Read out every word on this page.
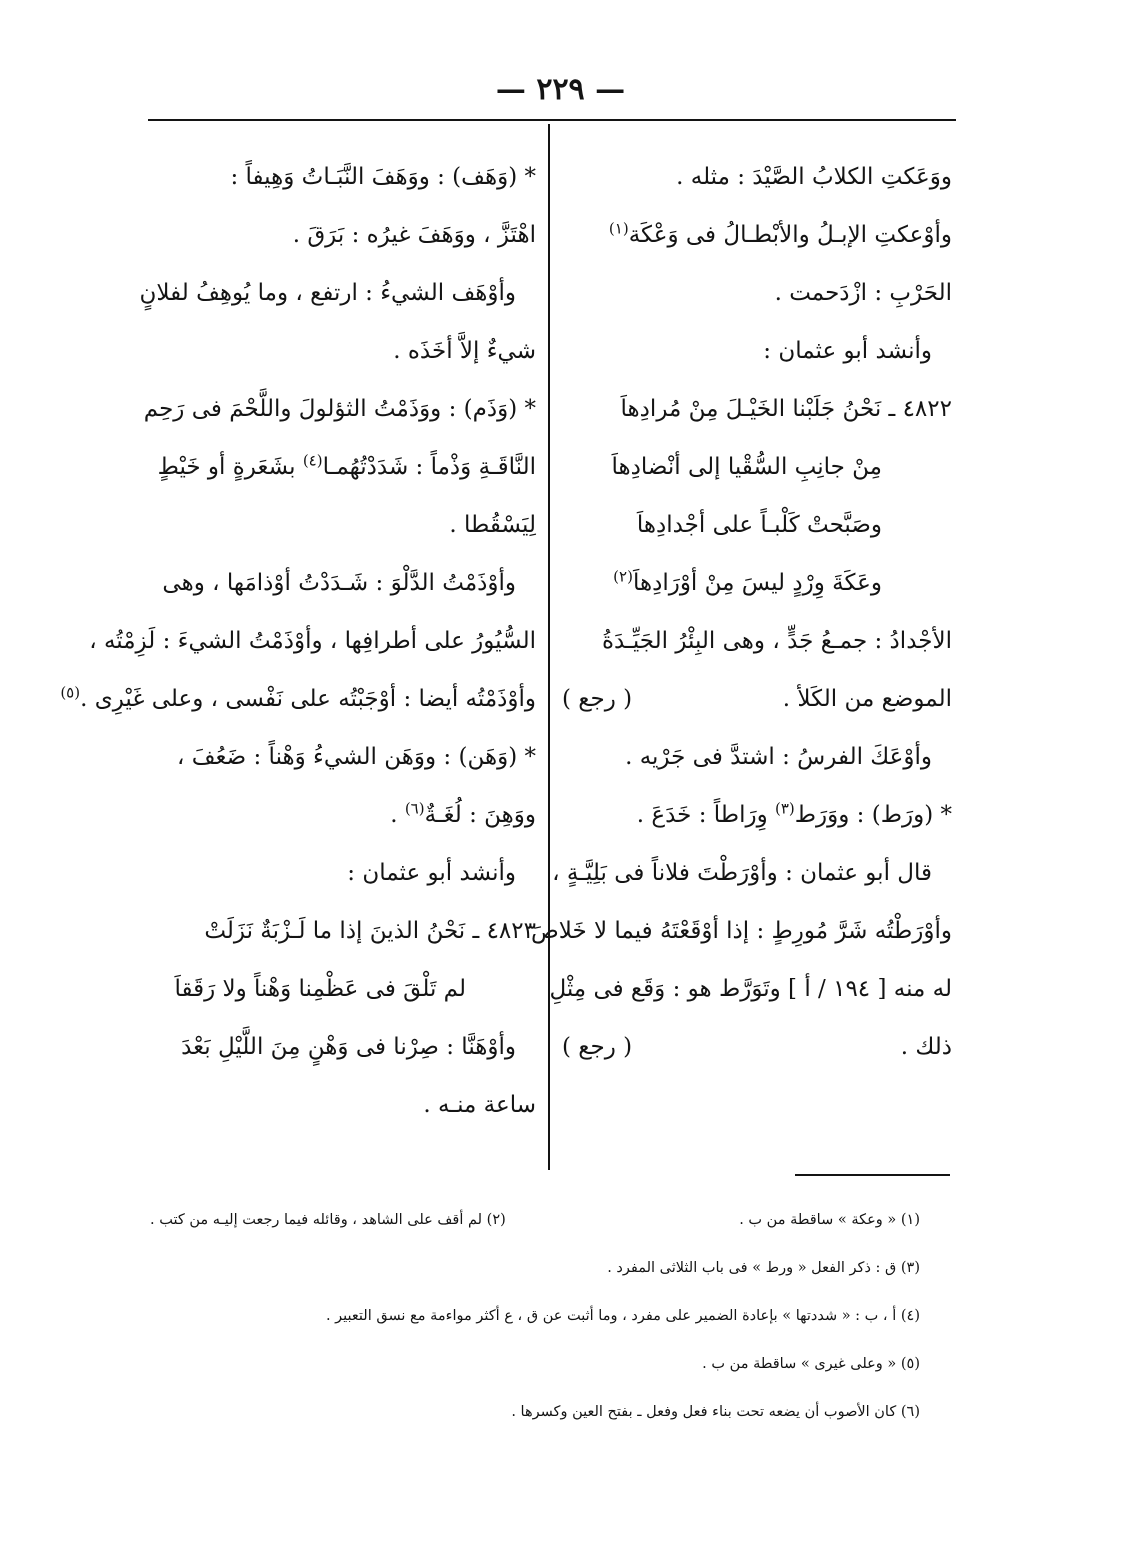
— ٢٢٩ —
ووَعَكتِ الكلابُ الصَّيْدَ : مثله .
وأوْعكتِ الإبـلُ والأبْطـالُ فى وَعْكَة$^{(١)}$
الحَرْبِ : ازْدَحمت .
وأنشد أبو عثمان :
٤٨٢٢ ـ نَحْنُ جَلَبْنا الخَيْـلَ مِنْ مُرادِهاَ
مِنْ جانِبِ السُّقْيا إلى أنْضادِهاَ
وصَبَّحتْ كَلْبـاً على أجْدادِهاَ
وعَكَةَ وِرْدٍ ليسَ مِنْ أوْرَادِهاَ$^{(٢)}$
الأجْدادُ : جمـعُ جَدٍّ ، وهى البِئْرُ الجَيِّـدَةُ
الموضع من الكَلأ .
( رجع )
وأوْعَكَ الفرسُ : اشتدَّ فى جَرْيه .
* (ورَط) : ووَرَط$^{(٣)}$ وِرَاطاً : خَدَعَ .
قال أبو عثمان : وأوْرَطْتَ فلاناً فى بَلِيَّـةٍ ،
وأوْرَطْتُه شَرَّ مُورِطٍ : إذا أوْقَعْتَهُ فيما لا خَلاصَ
له منه [ ١٩٤ / أ ] وتَوَرَّط هو : وَقَع فى مِثْلِ
ذلك .
( رجع )
* (وَهَف) : ووَهَفَ النَّبَـاتُ وَهِيفاً :
اهْتَزَّ ، ووَهَفَ غيرُه : بَرَقَ .
وأوْهَف الشيءُ : ارتفع ، وما يُوهِفُ لفلانٍ
شيءٌ إلاَّ أخَذَه .
* (وَذَم) : ووَذَمْتُ الثؤلولَ واللَّحْمَ فى رَحِم
النَّاقَـةِ وَذْماً : شَدَدْتُهُمـا$^{(٤)}$ بشَعَرةٍ أو خَيْطٍ
لِيَسْقُطا .
وأوْذَمْتُ الدَّلْوَ : شَـدَدْتُ أوْذامَها ، وهى
السُّيُورُ على أطرافِها ، وأوْذَمْتُ الشيءَ : لَزِمْتُه ،
وأوْذَمْتُه أيضا : أوْجَبْتُه على نَفْسى ، وعلى غَيْرِى .$^{(٥)}$
* (وَهَن) : ووَهَن الشيءُ وَهْناً : ضَعُفَ ،
ووَهِنَ : لُغَـةٌ$^{(٦)}$ .
وأنشد أبو عثمان :
٤٨٢٣ ـ نَحْنُ الذينَ إذا ما لَـزْبَةٌ نَزَلَتْ
لم تَلْقَ فى عَظْمِنا وَهْناً ولا رَقَقاَ
وأوْهَنَّا : صِرْنا فى وَهْنٍ مِنَ اللَّيْلِ بَعْدَ
ساعة منـه .
(١) « وعكة » ساقطة من ب .
(٢) لم أقف على الشاهد ، وقائله فيما رجعت إليـه من كتب .
(٣) ق : ذكر الفعل « ورط » فى باب الثلاثى المفرد .
(٤) أ ، ب : « شددتها » بإعادة الضمير على مفرد ، وما أثبت عن ق ، ع أكثر مواءمة مع نسق التعبير .
(٥) « وعلى غيرى » ساقطة من ب .
(٦) كان الأصوب أن يضعه تحت بناء فعل وفعل ـ بفتح العين وكسرها .
